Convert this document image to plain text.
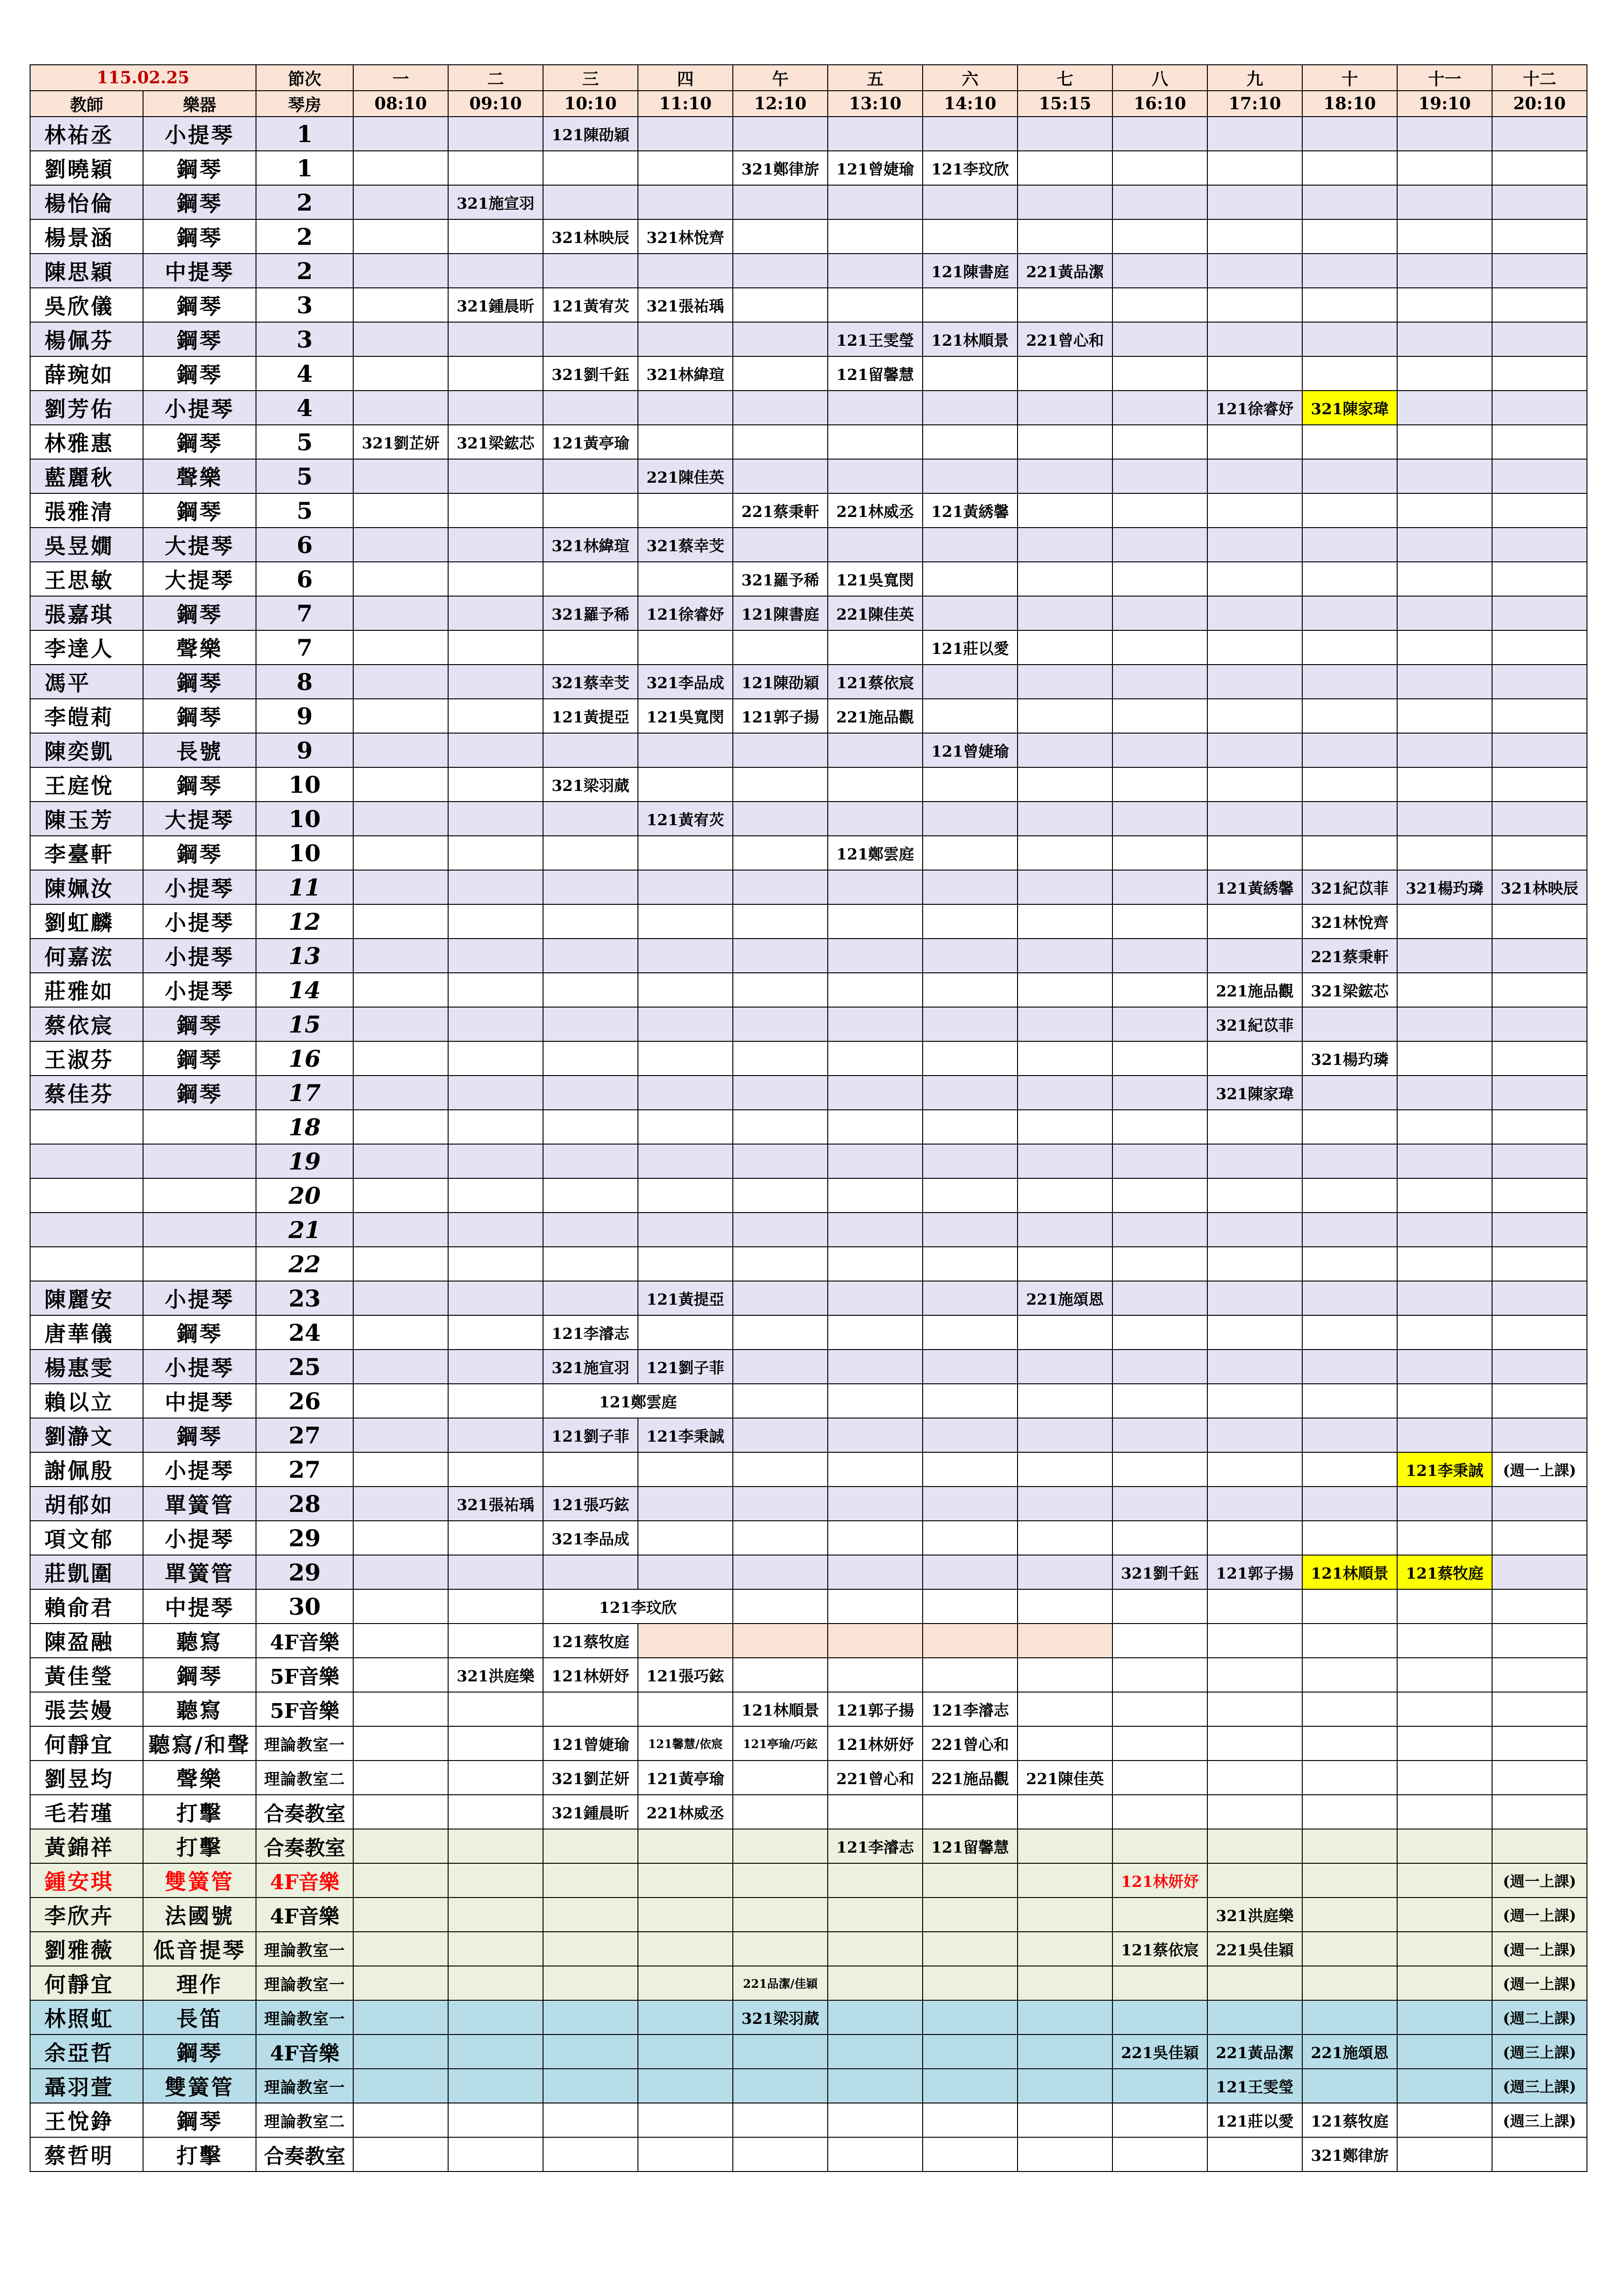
115.02.25		節次	一	二	三	四	午	五	六	七	八	九	十	十一	十二
教師	樂器	琴房	08:10	09:10	10:10	11:10	12:10	13:10	14:10	15:15	16:10	17:10	18:10	19:10	20:10
林祐丞	小提琴	1			121陳劭穎										
劉曉穎	鋼琴	1					321鄭律旂	121曾婕瑜	121李玟欣						
楊怡倫	鋼琴	2		321施宣羽											
楊景涵	鋼琴	2			321林映辰	321林悅齊									
陳思穎	中提琴	2							121陳書庭	221黃品潔					
吳欣儀	鋼琴	3		321鍾晨昕	121黃宥苂	321張祐瑀									
楊佩芬	鋼琴	3						121王雯瑩	121林順景	221曾心和					
薛琬如	鋼琴	4			321劉千鈺	321林緯瑄		121留馨慧							
劉芳佑	小提琴	4										121徐睿妤	321陳家瑋		
林雅惠	鋼琴	5	321劉芷妍	321梁鋐芯	121黃亭瑜										
藍麗秋	聲樂	5				221陳佳英									
張雅清	鋼琴	5					221蔡秉軒	221林威丞	121黃綉馨						
吳昱嫺	大提琴	6			321林緯瑄	321蔡幸芠									
王思敏	大提琴	6					321羅予稀	121吳寬閔							
張嘉琪	鋼琴	7			321羅予稀	121徐睿妤	121陳書庭	221陳佳英							
李達人	聲樂	7							121莊以愛						
馮平	鋼琴	8			321蔡幸芠	321李品成	121陳劭穎	121蔡依宸							
李皚莉	鋼琴	9			121黃提亞	121吳寬閔	121郭子揚	221施品觀							
陳奕凱	長號	9							121曾婕瑜						
王庭悅	鋼琴	10			321梁羽蕆										
陳玉芳	大提琴	10				121黃宥苂									
李臺軒	鋼琴	10						121鄭雲庭							
陳姵汝	小提琴	11										121黃綉馨	321紀苡菲	321楊玓璘	321林映辰
劉虹麟	小提琴	12											321林悅齊		
何嘉浤	小提琴	13											221蔡秉軒		
莊雅如	小提琴	14										221施品觀	321梁鋐芯		
蔡依宸	鋼琴	15										321紀苡菲			
王淑芬	鋼琴	16											321楊玓璘		
蔡佳芬	鋼琴	17										321陳家瑋			
		18													
		19													
		20													
		21													
		22													
陳麗安	小提琴	23				121黃提亞				221施頌恩					
唐華儀	鋼琴	24			121李濬志										
楊惠雯	小提琴	25			321施宣羽	121劉子菲									
賴以立	中提琴	26			121鄭雲庭										
劉瀞文	鋼琴	27			121劉子菲	121李秉誠									
謝佩殷	小提琴	27												121李秉誠	(週一上課)
胡郁如	單簧管	28		321張祐瑀	121張巧鉉										
項文郁	小提琴	29			321李品成										
莊凱圍	單簧管	29									321劉千鈺	121郭子揚	121林順景	121蔡牧庭	
賴俞君	中提琴	30			121李玟欣										
陳盈融	聽寫	4F音樂			121蔡牧庭										
黃佳瑩	鋼琴	5F音樂		321洪庭樂	121林妍妤	121張巧鉉									
張芸嫚	聽寫	5F音樂					121林順景	121郭子揚	121李濬志						
何靜宜	聽寫/和聲	理論教室一			121曾婕瑜	121馨慧/依宸	121亭瑜/巧鉉	121林妍妤	221曾心和						
劉昱均	聲樂	理論教室二			321劉芷妍	121黃亭瑜		221曾心和	221施品觀	221陳佳英					
毛若瑾	打擊	合奏教室			321鍾晨昕	221林威丞									
黃錦祥	打擊	合奏教室						121李濬志	121留馨慧						
鍾安琪	雙簧管	4F音樂									121林妍妤				(週一上課)
李欣卉	法國號	4F音樂										321洪庭樂			(週一上課)
劉雅薇	低音提琴	理論教室一									121蔡依宸	221吳佳穎			(週一上課)
何靜宜	理作	理論教室一					221品潔/佳穎								(週一上課)
林照虹	長笛	理論教室一					321梁羽蕆								(週二上課)
余亞哲	鋼琴	4F音樂									221吳佳穎	221黃品潔	221施頌恩		(週三上課)
聶羽萱	雙簧管	理論教室一										121王雯瑩			(週三上課)
王悅錚	鋼琴	理論教室二										121莊以愛	121蔡牧庭		(週三上課)
蔡哲明	打擊	合奏教室											321鄭律旂		
